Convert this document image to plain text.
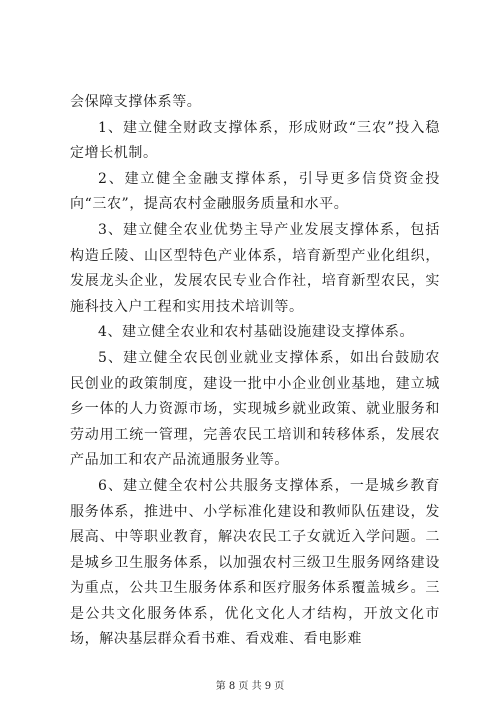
会保障支撑体系等。

1、建立健全财政支撑体系，形成财政“三农”投入稳定增长机制。

2、建立健全金融支撑体系，引导更多信贷资金投向“三农”，提高农村金融服务质量和水平。

3、建立健全农业优势主导产业发展支撑体系，包括构造丘陵、山区型特色产业体系，培育新型产业化组织，发展龙头企业，发展农民专业合作社，培育新型农民，实施科技入户工程和实用技术培训等。

4、建立健全农业和农村基础设施建设支撑体系。

5、建立健全农民创业就业支撑体系，如出台鼓励农民创业的政策制度，建设一批中小企业创业基地，建立城乡一体的人力资源市场，实现城乡就业政策、就业服务和劳动用工统一管理，完善农民工培训和转移体系，发展农产品加工和农产品流通服务业等。

6、建立健全农村公共服务支撑体系，一是城乡教育服务体系，推进中、小学标准化建设和教师队伍建设，发展高、中等职业教育，解决农民工子女就近入学问题。二是城乡卫生服务体系，以加强农村三级卫生服务网络建设为重点，公共卫生服务体系和医疗服务体系覆盖城乡。三是公共文化服务体系，优化文化人才结构，开放文化市场，解决基层群众看书难、看戏难、看电影难

第 8 页 共 9 页
